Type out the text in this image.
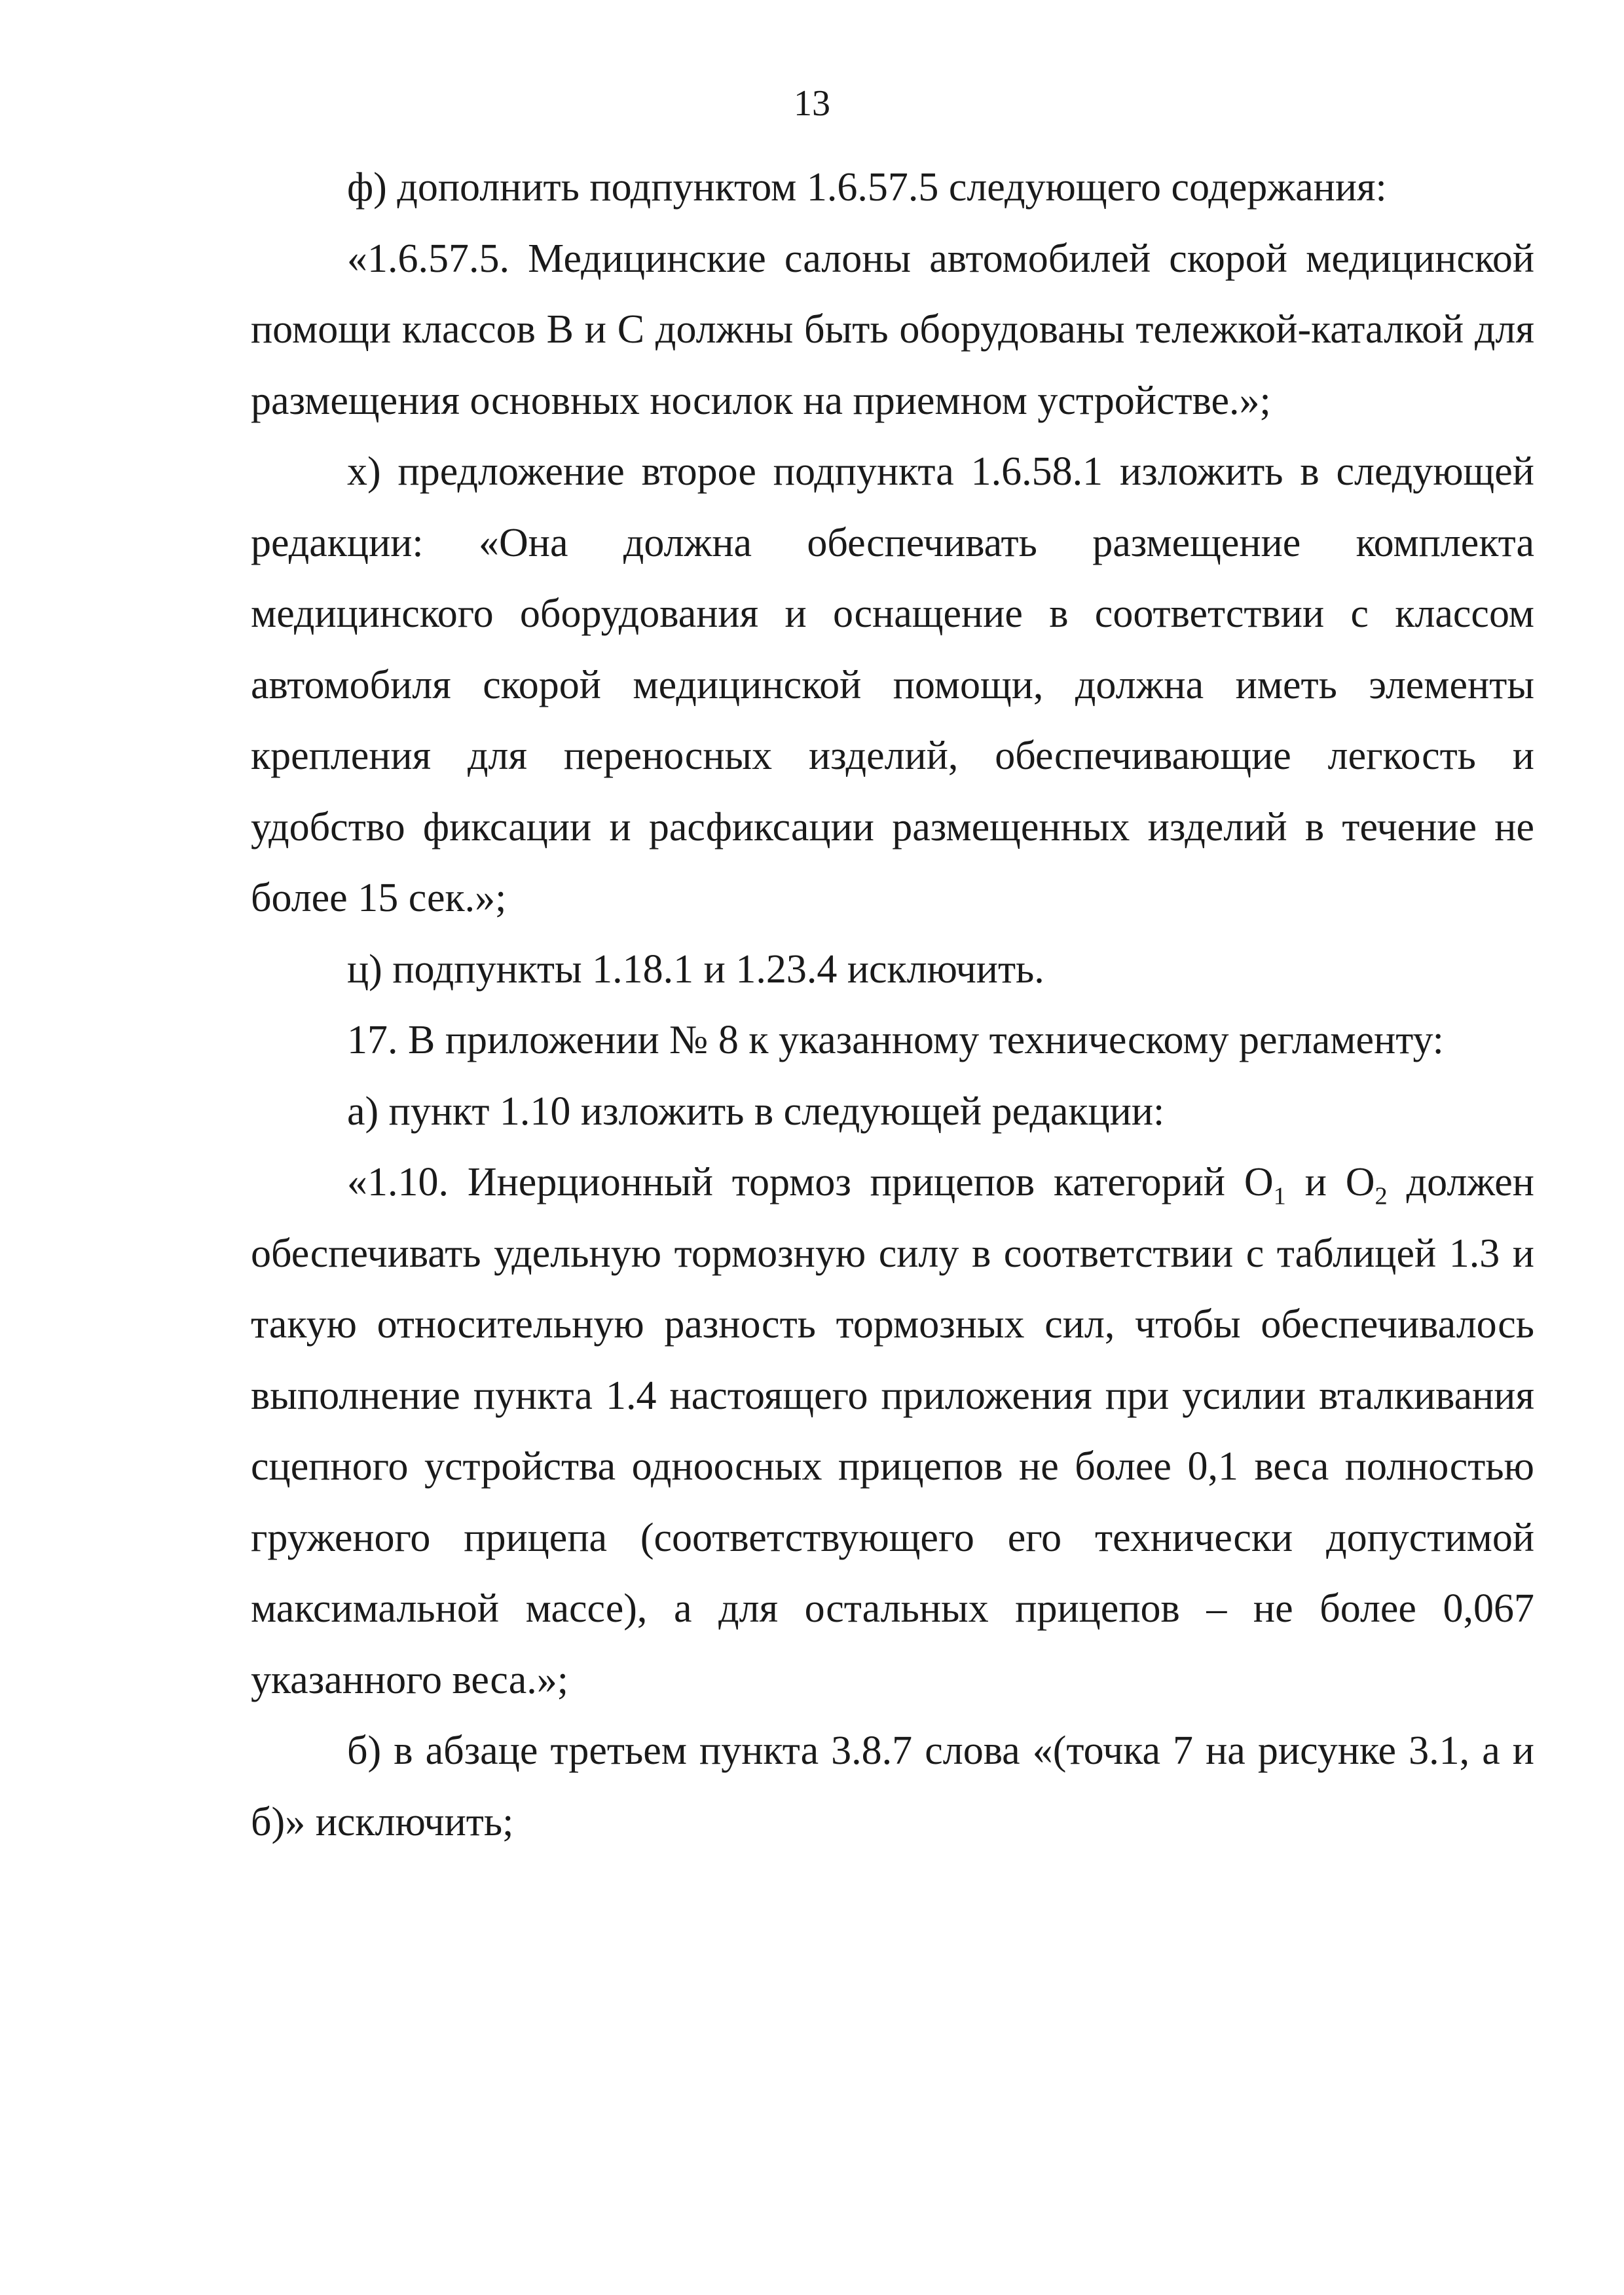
13

ф) дополнить подпунктом 1.6.57.5 следующего содержания:

«1.6.57.5. Медицинские салоны автомобилей скорой медицинской помощи классов B и C должны быть оборудованы тележкой-каталкой для размещения основных носилок на приемном устройстве.»;

х) предложение второе подпункта 1.6.58.1 изложить в следующей редакции: «Она должна обеспечивать размещение комплекта медицинского оборудования и оснащение в соответствии с классом автомобиля скорой медицинской помощи, должна иметь элементы крепления для переносных изделий, обеспечивающие легкость и удобство фиксации и расфиксации размещенных изделий в течение не более 15 сек.»;

ц) подпункты 1.18.1 и 1.23.4 исключить.

17. В приложении № 8 к указанному техническому регламенту:

а) пункт 1.10 изложить в следующей редакции:

«1.10. Инерционный тормоз прицепов категорий $O_1$ и $O_2$ должен обеспечивать удельную тормозную силу в соответствии с таблицей 1.3 и такую относительную разность тормозных сил, чтобы обеспечивалось выполнение пункта 1.4 настоящего приложения при усилии вталкивания сцепного устройства одноосных прицепов не более 0,1 веса полностью груженого прицепа (соответствующего его технически допустимой максимальной массе), а для остальных прицепов – не более 0,067 указанного веса.»;

б) в абзаце третьем пункта 3.8.7 слова «(точка 7 на рисунке 3.1, а и б)» исключить;
